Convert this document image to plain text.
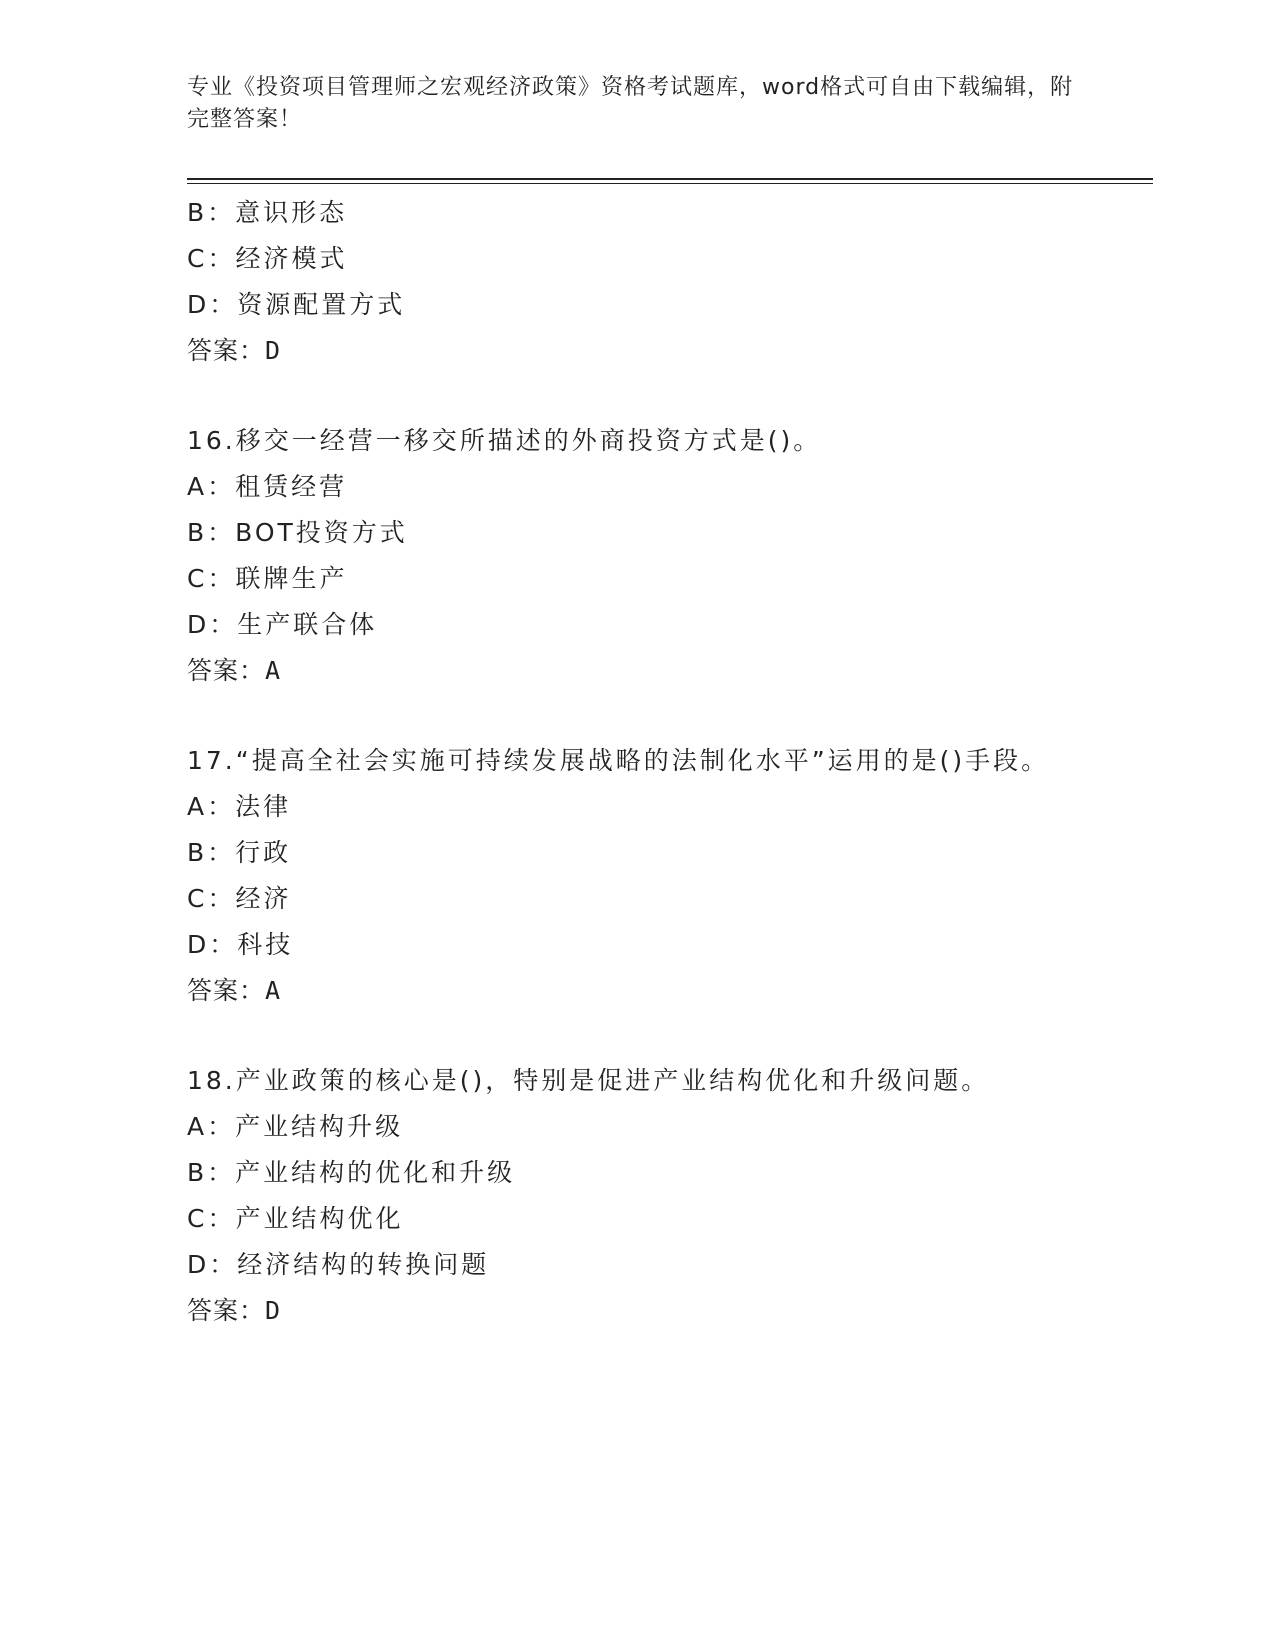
专业《投资项目管理师之宏观经济政策》资格考试题库，word格式可自由下载编辑，附完整答案！
B：意识形态
C：经济模式
D：资源配置方式
答案：D
16.移交一经营一移交所描述的外商投资方式是()。
A：租赁经营
B：BOT投资方式
C：联牌生产
D：生产联合体
答案：A
17.“提高全社会实施可持续发展战略的法制化水平”运用的是()手段。
A：法律
B：行政
C：经济
D：科技
答案：A
18.产业政策的核心是()，特别是促进产业结构优化和升级问题。
A：产业结构升级
B：产业结构的优化和升级
C：产业结构优化
D：经济结构的转换问题
答案：D
